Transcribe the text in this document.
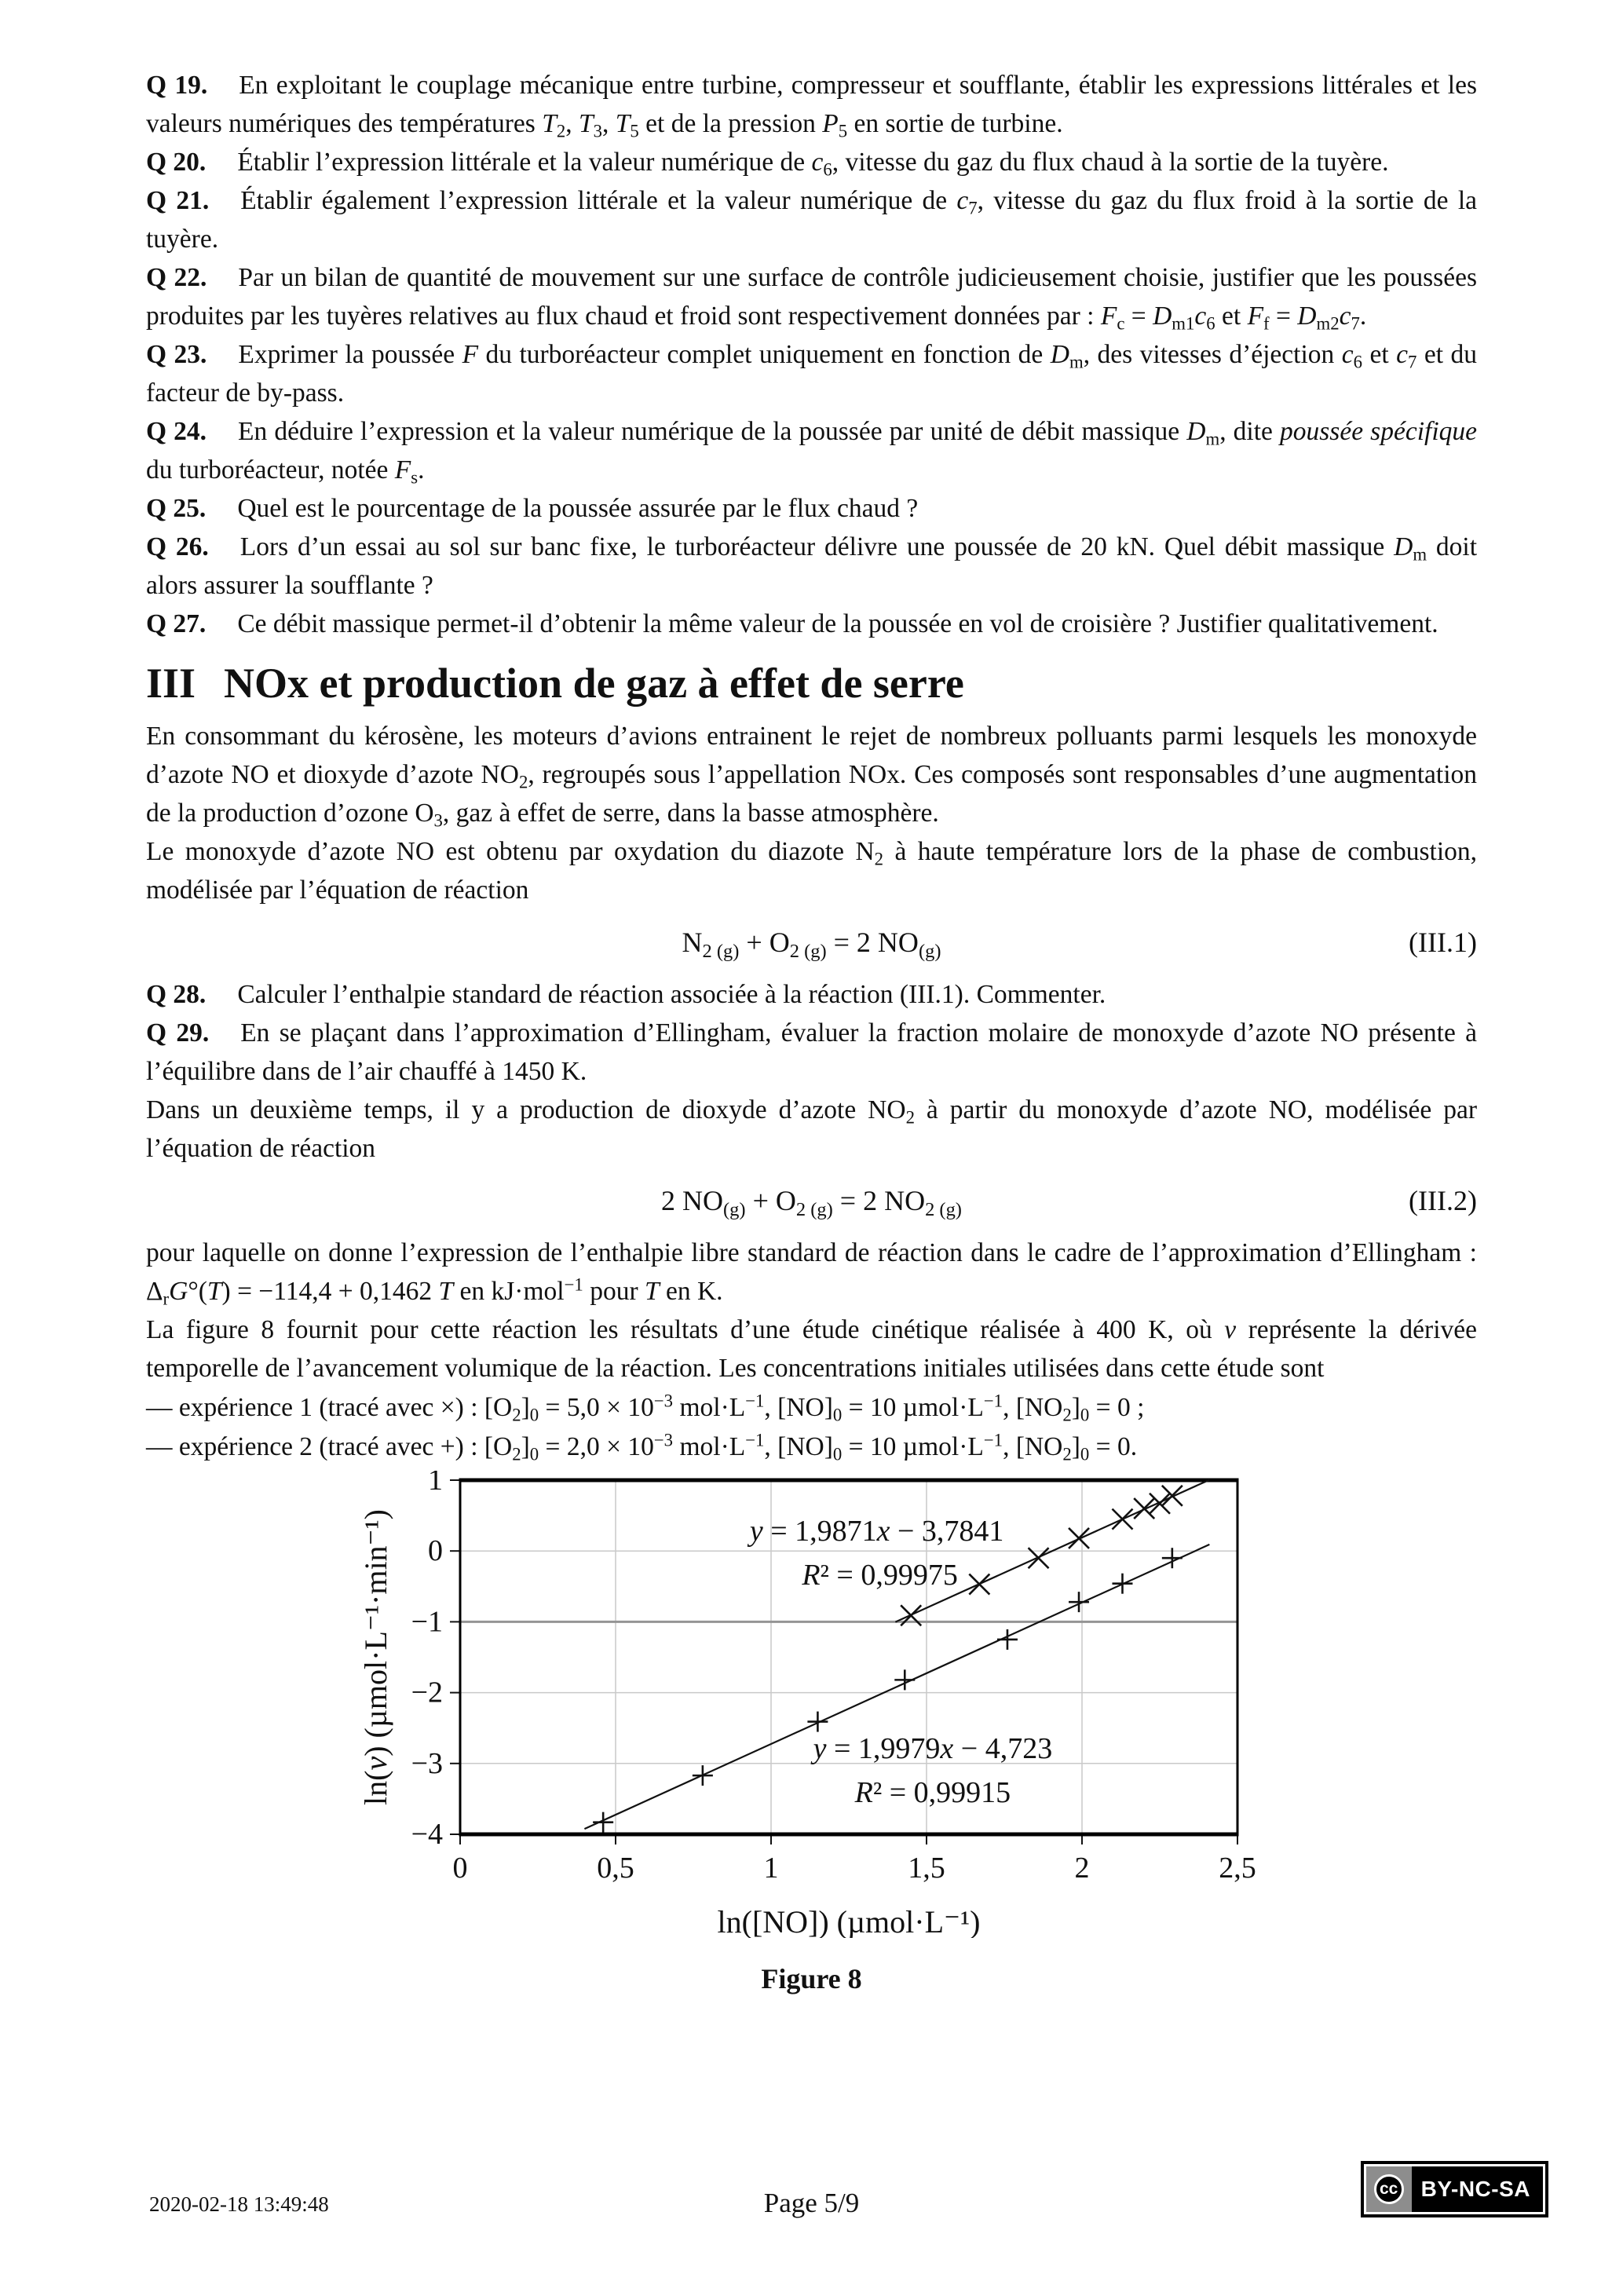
Q 19. En exploitant le couplage mécanique entre turbine, compresseur et soufflante, établir les expressions littérales et les valeurs numériques des températures $T_2$, $T_3$, $T_5$ et de la pression $P_5$ en sortie de turbine.

Q 20. Établir l’expression littérale et la valeur numérique de $c_6$, vitesse du gaz du flux chaud à la sortie de la tuyère.

Q 21. Établir également l’expression littérale et la valeur numérique de $c_7$, vitesse du gaz du flux froid à la sortie de la tuyère.

Q 22. Par un bilan de quantité de mouvement sur une surface de contrôle judicieusement choisie, justifier que les poussées produites par les tuyères relatives au flux chaud et froid sont respectivement données par : $F_c = D_{m1}c_6$ et $F_f = D_{m2}c_7$.

Q 23. Exprimer la poussée F du turboréacteur complet uniquement en fonction de $D_m$, des vitesses d’éjection $c_6$ et $c_7$ et du facteur de by-pass.

Q 24. En déduire l’expression et la valeur numérique de la poussée par unité de débit massique $D_m$, dite poussée spécifique du turboréacteur, notée $F_s$.

Q 25. Quel est le pourcentage de la poussée assurée par le flux chaud ?

Q 26. Lors d’un essai au sol sur banc fixe, le turboréacteur délivre une poussée de 20 kN. Quel débit massique $D_m$ doit alors assurer la soufflante ?

Q 27. Ce débit massique permet-il d’obtenir la même valeur de la poussée en vol de croisière ? Justifier qualitativement.

III NOx et production de gaz à effet de serre

En consommant du kérosène, les moteurs d’avions entrainent le rejet de nombreux polluants parmi lesquels les monoxyde d’azote NO et dioxyde d’azote $NO_2$, regroupés sous l’appellation NOx. Ces composés sont responsables d’une augmentation de la production d’ozone $O_3$, gaz à effet de serre, dans la basse atmosphère.

Le monoxyde d’azote NO est obtenu par oxydation du diazote $N_2$ à haute température lors de la phase de combustion, modélisée par l’équation de réaction

$N_{2 (g)} + O_{2 (g)} = 2$ $NO_{(g)}$	(III.1)

Q 28. Calculer l’enthalpie standard de réaction associée à la réaction (III.1). Commenter.

Q 29. En se plaçant dans l’approximation d’Ellingham, évaluer la fraction molaire de monoxyde d’azote NO présente à l’équilibre dans de l’air chauffé à 1450 K.

Dans un deuxième temps, il y a production de dioxyde d’azote $NO_2$ à partir du monoxyde d’azote NO, modélisée par l’équation de réaction

2 $NO_{(g)} + O_{2 (g)} = 2$ $NO_{2 (g)}$	(III.2)

pour laquelle on donne l’expression de l’enthalpie libre standard de réaction dans le cadre de l’approximation d’Ellingham : $\Delta_rG^\circ(T) = -114,4 + 0,1462$ T en kJ·mol$^{-1}$ pour T en K.

La figure 8 fournit pour cette réaction les résultats d’une étude cinétique réalisée à 400 K, où v représente la dérivée temporelle de l’avancement volumique de la réaction. Les concentrations initiales utilisées dans cette étude sont

— expérience 1 (tracé avec ×) : $[O_2]_0 = 5,0 \times 10^{-3}$ $mol\cdot L^{-1}$, $[NO]_0 = 10$ $\mu mol\cdot L^{-1}$, $[NO_2]_0 = 0$ ;

— expérience 2 (tracé avec +) : $[O_2]_0 = 2,0 \times 10^{-3}$ $mol\cdot L^{-1}$, $[NO]_0 = 10$ $\mu mol\cdot L^{-1}$, $[NO_2]_0 = 0$.

0	0,5	1	1,5	2	2,5
1
0
−1
−2
−3
−4
ln([NO]) (µmol·L⁻¹)
ln(v) (µmol·L⁻¹·min⁻¹)	y = 1,9871x − 3,7841
R² = 0,99975
y = 1,9979x − 4,723
R² = 0,99915
Figure 8
2020-02-18 13:49:48	Page 5/9	cc BY-NC-SA
